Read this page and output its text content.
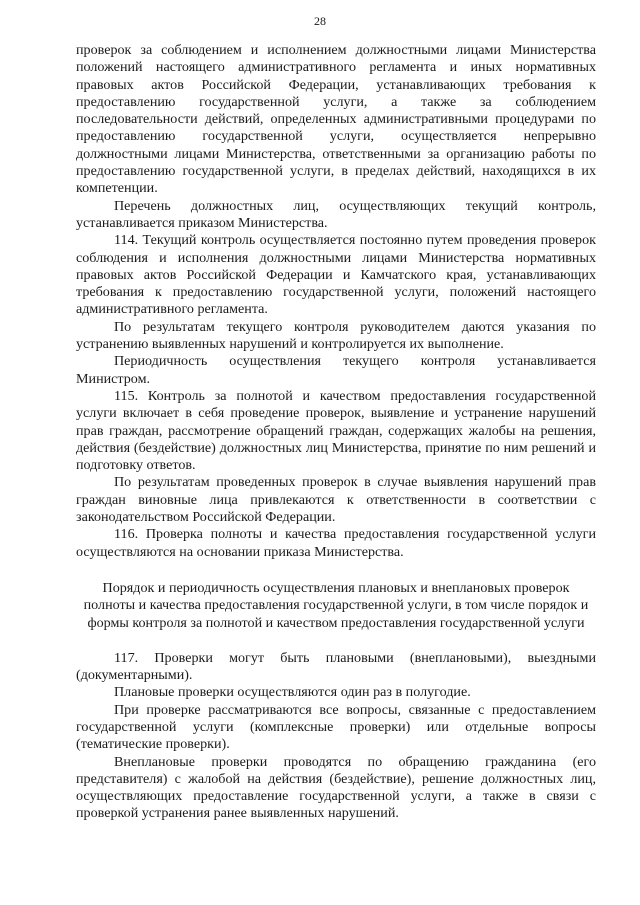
28

проверок за соблюдением и исполнением должностными лицами Министерства положений настоящего административного регламента и иных нормативных правовых актов Российской Федерации, устанавливающих требования к предоставлению государственной услуги, а также за соблюдением последовательности действий, определенных административными процедурами по предоставлению государственной услуги, осуществляется непрерывно должностными лицами Министерства, ответственными за организацию работы по предоставлению государственной услуги, в пределах действий, находящихся в их компетенции.

Перечень должностных лиц, осуществляющих текущий контроль, устанавливается приказом Министерства.

114. Текущий контроль осуществляется постоянно путем проведения проверок соблюдения и исполнения должностными лицами Министерства нормативных правовых актов Российской Федерации и Камчатского края, устанавливающих требования к предоставлению государственной услуги, положений настоящего административного регламента.

По результатам текущего контроля руководителем даются указания по устранению выявленных нарушений и контролируется их выполнение.

Периодичность осуществления текущего контроля устанавливается Министром.

115. Контроль за полнотой и качеством предоставления государственной услуги включает в себя проведение проверок, выявление и устранение нарушений прав граждан, рассмотрение обращений граждан, содержащих жалобы на решения, действия (бездействие) должностных лиц Министерства, принятие по ним решений и подготовку ответов.

По результатам проведенных проверок в случае выявления нарушений прав граждан виновные лица привлекаются к ответственности в соответствии с законодательством Российской Федерации.

116. Проверка полноты и качества предоставления государственной услуги осуществляются на основании приказа Министерства.

Порядок и периодичность осуществления плановых и внеплановых проверок полноты и качества предоставления государственной услуги, в том числе порядок и формы контроля за полнотой и качеством предоставления государственной услуги

117. Проверки могут быть плановыми (внеплановыми), выездными (документарными).

Плановые проверки осуществляются один раз в полугодие.

При проверке рассматриваются все вопросы, связанные с предоставлением государственной услуги (комплексные проверки) или отдельные вопросы (тематические проверки).

Внеплановые проверки проводятся по обращению гражданина (его представителя) с жалобой на действия (бездействие), решение должностных лиц, осуществляющих предоставление государственной услуги, а также в связи с проверкой устранения ранее выявленных нарушений.
